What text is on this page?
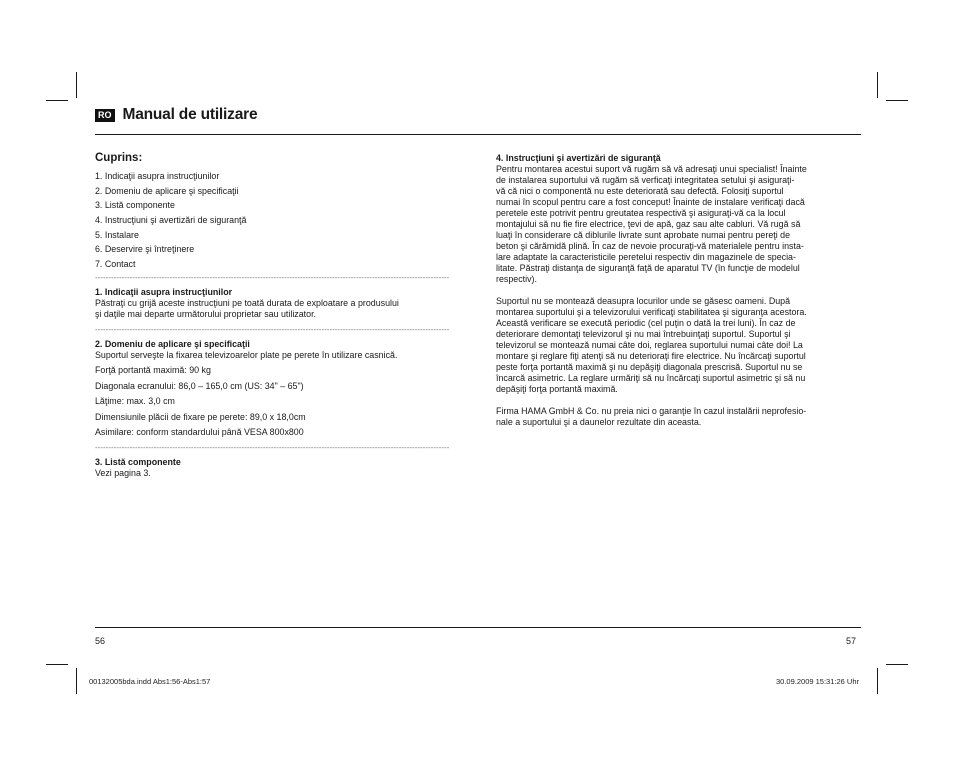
RO Manual de utilizare
Cuprins:
1. Indicaţii asupra instrucţiunilor
2. Domeniu de aplicare şi specificaţii
3. Listă componente
4. Instrucţiuni şi avertizări de siguranţă
5. Instalare
6. Deservire şi întreţinere
7. Contact
-----
1. Indicaţii asupra instrucţiunilor
Păstraţi cu grijă aceste instrucţiuni pe toată durata de exploatare a produsului
şi daţile mai departe următorului proprietar sau utilizator.
-----
2. Domeniu de aplicare şi specificaţii
Suportul serveşte la fixarea televizoarelor plate pe perete în utilizare casnică.
Forţă portantă maximă: 90 kg
Diagonala ecranului: 86,0 – 165,0 cm (US: 34" – 65")
Lăţime: max. 3,0 cm
Dimensiunile plăcii de fixare pe perete: 89,0 x 18,0cm
Asimilare: conform standardului până VESA 800x800
-----
3. Listă componente
Vezi pagina 3.
4. Instrucţiuni şi avertizări de siguranţă
Pentru montarea acestui suport vă rugăm să vă adresaţi unui specialist! Înainte
de instalarea suportului vă rugăm să verficaţi integritatea setului şi asiguraţi-
vă că nici o componentă nu este deteriorată sau defectă. Folosiţi suportul
numai în scopul pentru care a fost conceput! Înainte de instalare verificaţi dacă
peretele este potrivit pentru greutatea respectivă şi asiguraţi-vă ca la locul
montajului să nu fie fire electrice, ţevi de apă, gaz sau alte cabluri. Vă rugă să
luaţi în considerare că diblurile livrate sunt aprobate numai pentru pereţi de
beton şi cărămidă plină. În caz de nevoie procuraţi-vă materialele pentru insta-
lare adaptate la caracteristicile peretelui respectiv din magazinele de specia-
litate. Păstraţi distanţa de siguranţă faţă de aparatul TV (în funcţie de modelul
respectiv).
Suportul nu se montează deasupra locurilor unde se găsesc oameni. După
montarea suportului şi a televizorului verificaţi stabilitatea şi siguranţa acestora.
Această verificare se execută periodic (cel puţin o dată la trei luni). În caz de
deteriorare demontaţi televizorul şi nu mai întrebuinţaţi suportul. Suportul şi
televizorul se montează numai câte doi, reglarea suportului numai câte doi! La
montare şi reglare fiţi atenţi să nu deterioraţi fire electrice. Nu încărcaţi suportul
peste forţa portantă maximă şi nu depăşiţi diagonala prescrisă. Suportul nu se
încarcă asimetric. La reglare urmăriţi să nu încărcaţi suportul asimetric şi să nu
depăşiţi forţa portantă maximă.
Firma HAMA GmbH & Co. nu preia nici o garanţie în cazul instalării neprofesio-
nale a suportului şi a daunelor rezultate din aceasta.
56	57
00132005bda.indd Abs1:56-Abs1:57	30.09.2009 15:31:26 Uhr
